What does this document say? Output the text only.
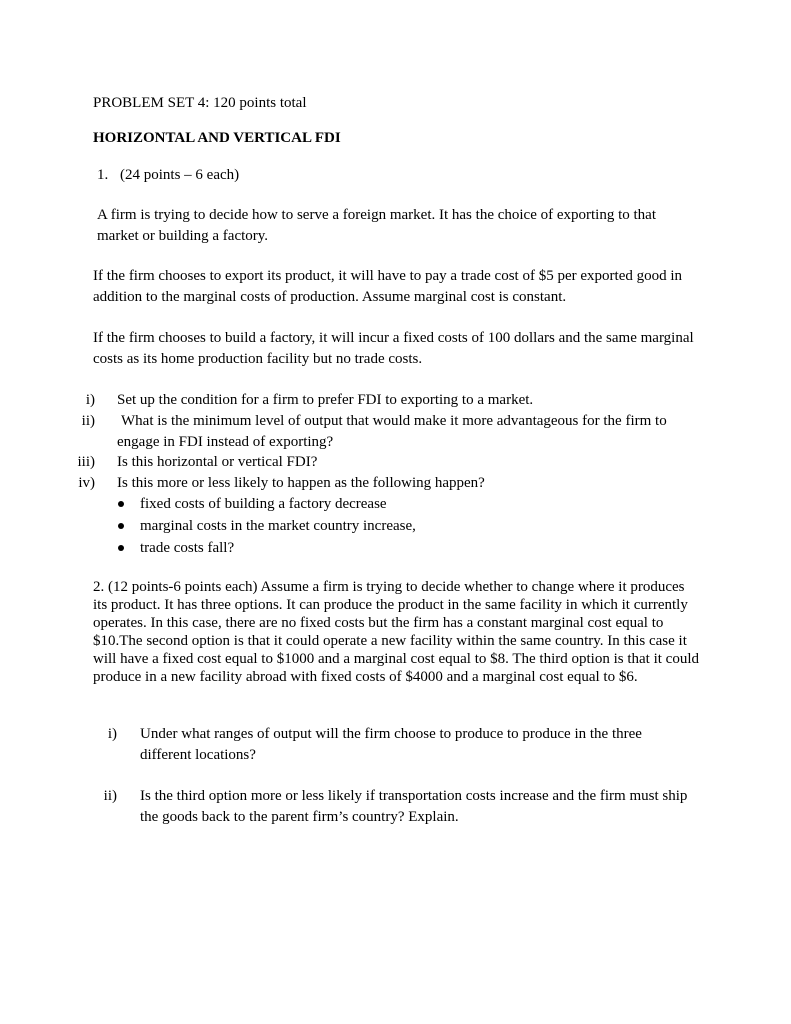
PROBLEM SET 4: 120 points total
HORIZONTAL AND VERTICAL FDI
1. (24 points – 6 each)
A firm is trying to decide how to serve a foreign market. It has the choice of exporting to that market or building a factory.
If the firm chooses to export its product, it will have to pay a trade cost of $5 per exported good in addition to the marginal costs of production. Assume marginal cost is constant.
If the firm chooses to build a factory, it will incur a fixed costs of 100 dollars and the same marginal costs as its home production facility but no trade costs.
i) Set up the condition for a firm to prefer FDI to exporting to a market.
ii) What is the minimum level of output that would make it more advantageous for the firm to engage in FDI instead of exporting?
iii) Is this horizontal or vertical FDI?
iv) Is this more or less likely to happen as the following happen?
fixed costs of building a factory decrease
marginal costs in the market country increase,
trade costs fall?
2. (12 points-6 points each) Assume a firm is trying to decide whether to change where it produces its product. It has three options. It can produce the product in the same facility in which it currently operates. In this case, there are no fixed costs but the firm has a constant marginal cost equal to $10.The second option is that it could operate a new facility within the same country. In this case it will have a fixed cost equal to $1000 and a marginal cost equal to $8. The third option is that it could produce in a new facility abroad with fixed costs of $4000 and a marginal cost equal to $6.
i) Under what ranges of output will the firm choose to produce to produce in the three different locations?
ii) Is the third option more or less likely if transportation costs increase and the firm must ship the goods back to the parent firm’s country? Explain.
